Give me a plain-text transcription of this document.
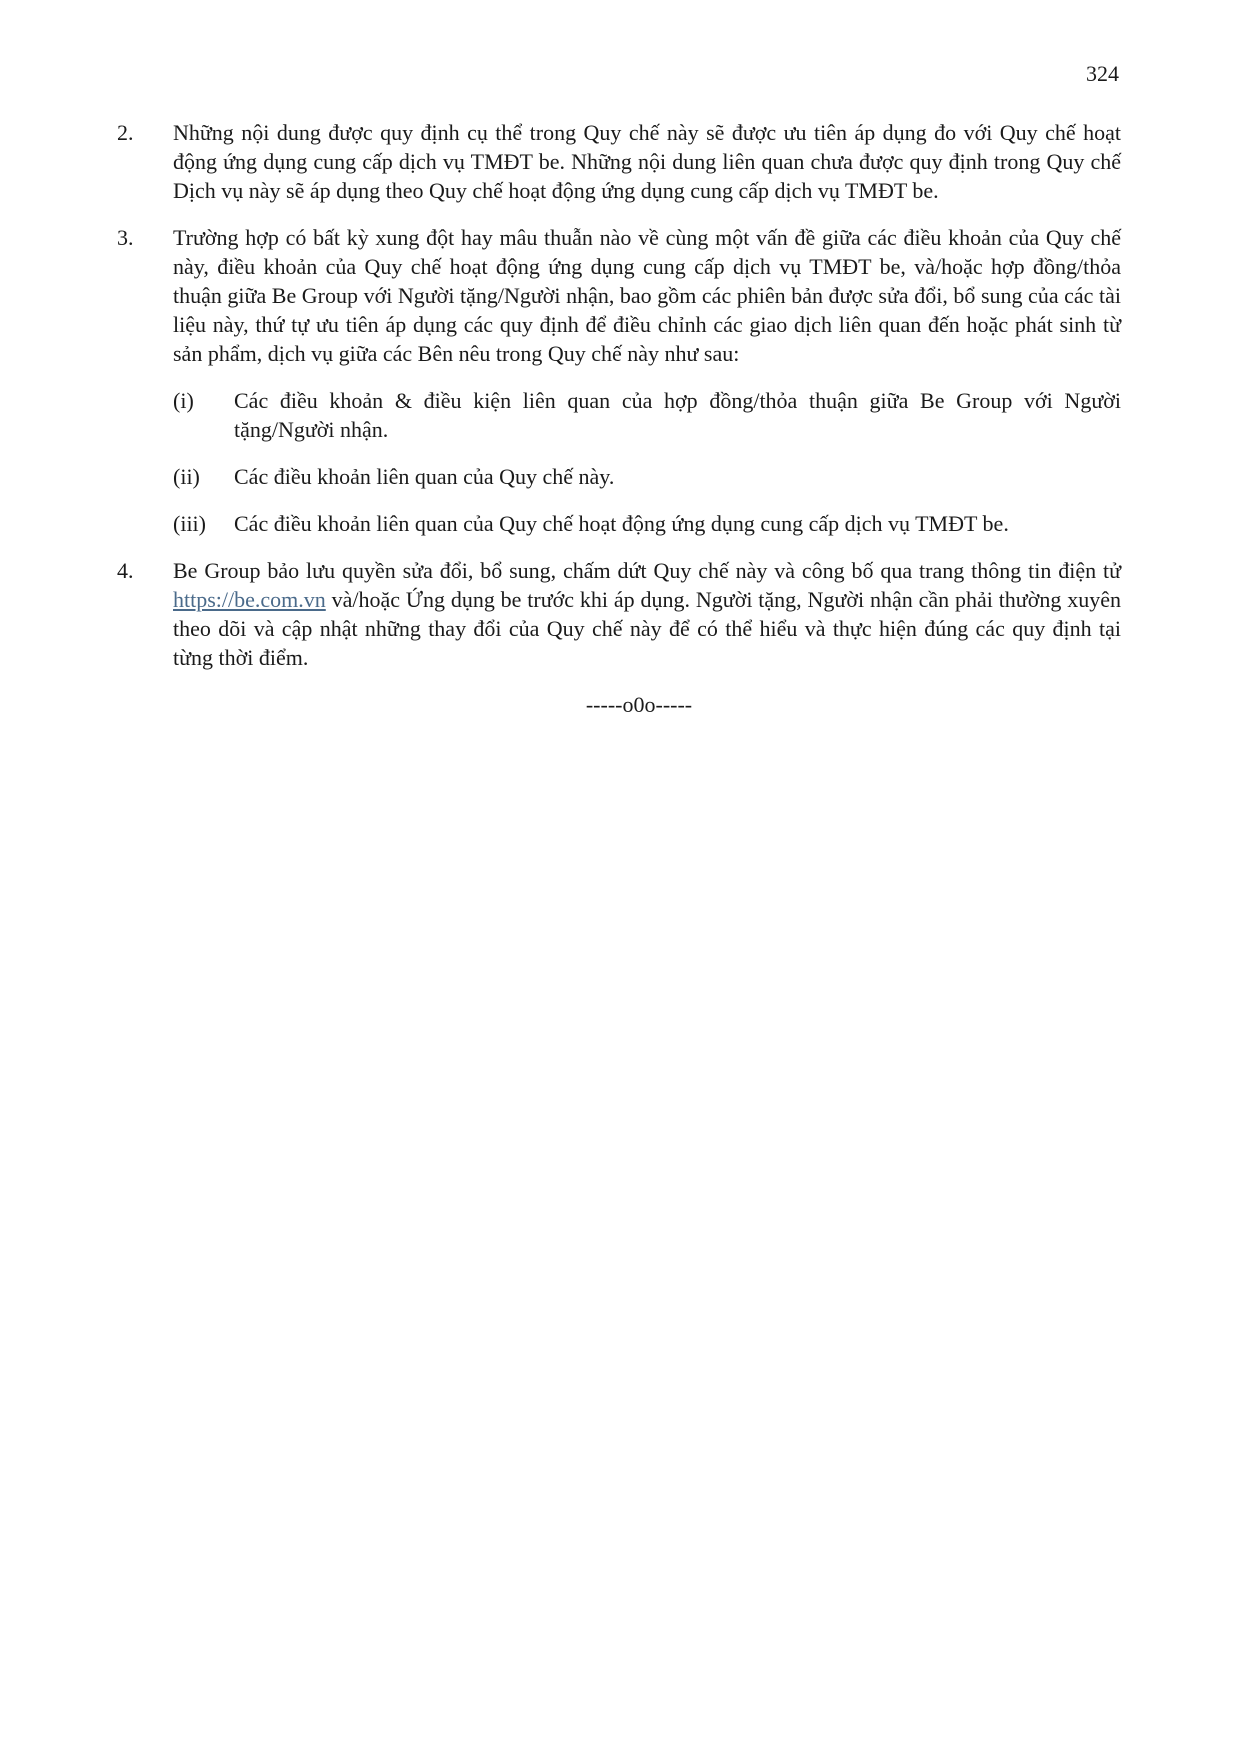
324
2.	Những nội dung được quy định cụ thể trong Quy chế này sẽ được ưu tiên áp dụng đo với Quy chế hoạt động ứng dụng cung cấp dịch vụ TMĐT be. Những nội dung liên quan chưa được quy định trong Quy chế Dịch vụ này sẽ áp dụng theo Quy chế hoạt động ứng dụng cung cấp dịch vụ TMĐT be.

3.	Trường hợp có bất kỳ xung đột hay mâu thuẫn nào về cùng một vấn đề giữa các điều khoản của Quy chế này, điều khoản của Quy chế hoạt động ứng dụng cung cấp dịch vụ TMĐT be, và/hoặc hợp đồng/thỏa thuận giữa Be Group với Người tặng/Người nhận, bao gồm các phiên bản được sửa đổi, bổ sung của các tài liệu này, thứ tự ưu tiên áp dụng các quy định để điều chỉnh các giao dịch liên quan đến hoặc phát sinh từ sản phẩm, dịch vụ giữa các Bên nêu trong Quy chế này như sau:

(i)	Các điều khoản & điều kiện liên quan của hợp đồng/thỏa thuận giữa Be Group với Người tặng/Người nhận.
(ii)	Các điều khoản liên quan của Quy chế này.
(iii)	Các điều khoản liên quan của Quy chế hoạt động ứng dụng cung cấp dịch vụ TMĐT be.
4.	Be Group bảo lưu quyền sửa đổi, bổ sung, chấm dứt Quy chế này và công bố qua trang thông tin điện tử https://be.com.vn và/hoặc Ứng dụng be trước khi áp dụng. Người tặng, Người nhận cần phải thường xuyên theo dõi và cập nhật những thay đổi của Quy chế này để có thể hiểu và thực hiện đúng các quy định tại từng thời điểm.

-----o0o-----
